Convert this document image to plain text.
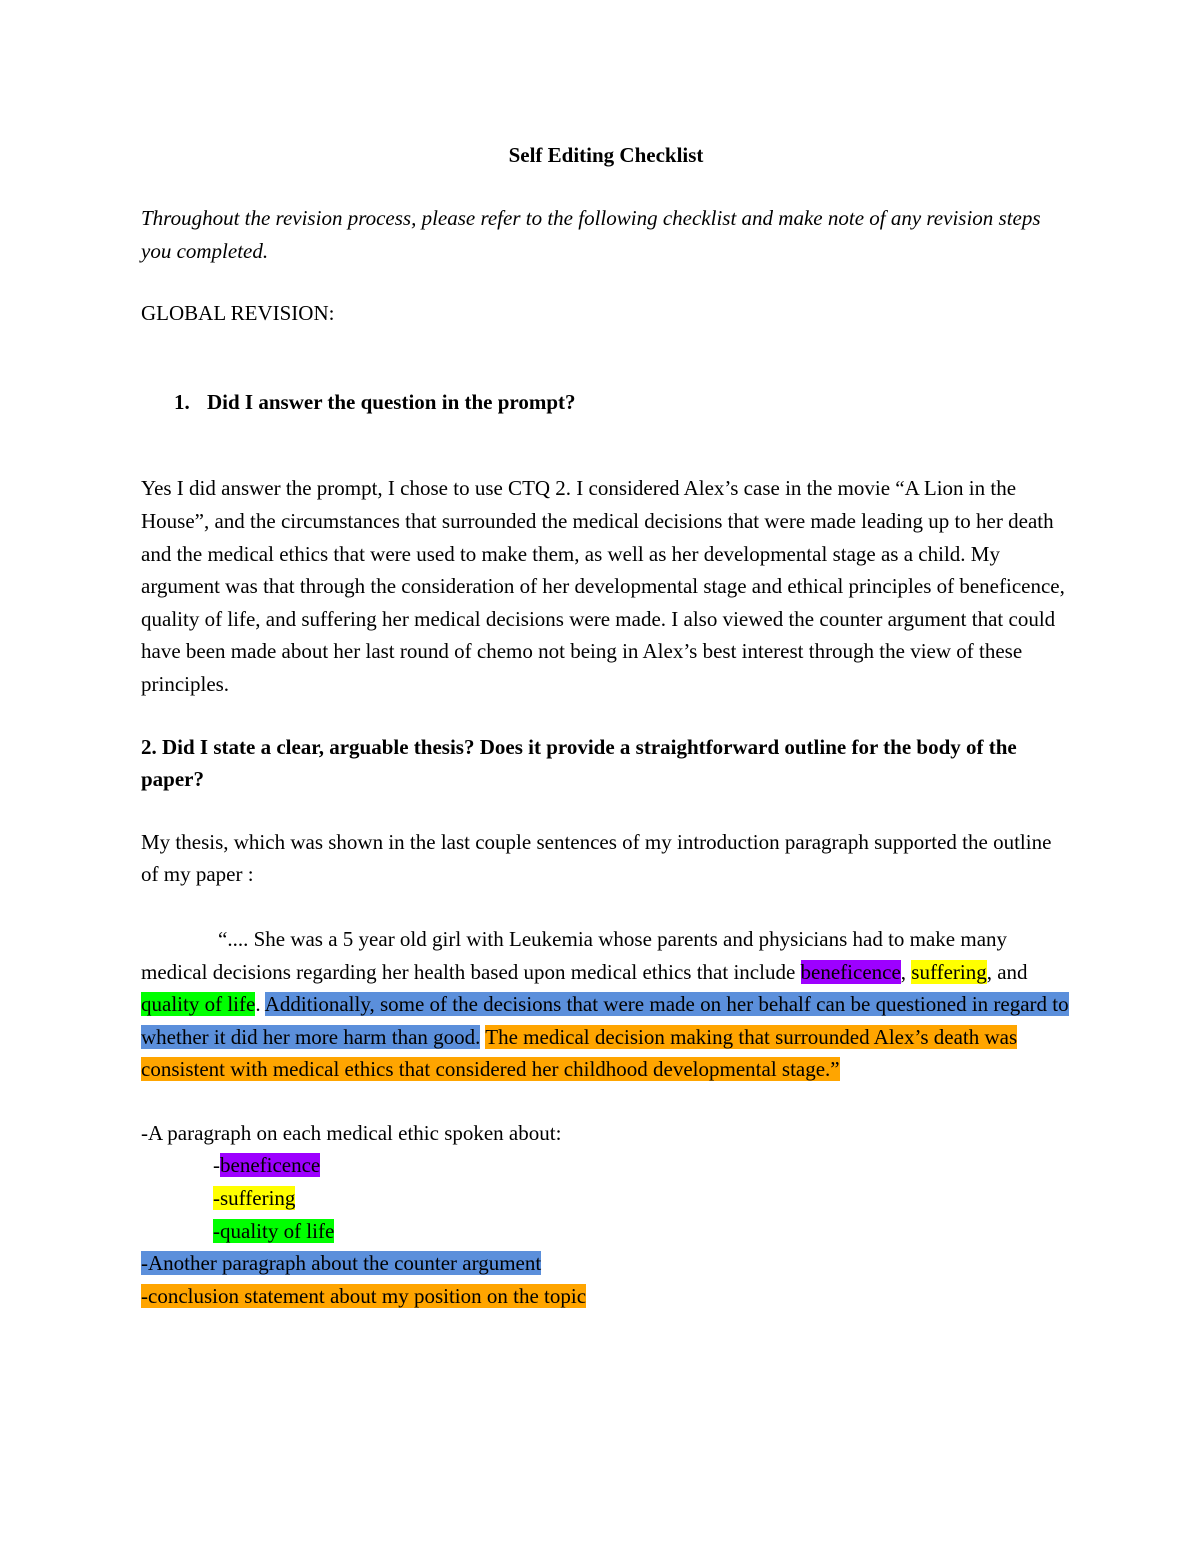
Self Editing Checklist

Throughout the revision process, please refer to the following checklist and make note of any revision steps you completed.

GLOBAL REVISION:

1. Did I answer the question in the prompt?

Yes I did answer the prompt, I chose to use CTQ 2. I considered Alex’s case in the movie “A Lion in the House”, and the circumstances that surrounded the medical decisions that were made leading up to her death and the medical ethics that were used to make them, as well as her developmental stage as a child. My argument was that through the consideration of her developmental stage and ethical principles of beneficence, quality of life, and suffering her medical decisions were made. I also viewed the counter argument that could have been made about her last round of chemo not being in Alex’s best interest through the view of these principles.

2. Did I state a clear, arguable thesis? Does it provide a straightforward outline for the body of the paper?

My thesis, which was shown in the last couple sentences of my introduction paragraph supported the outline of my paper :

“.... She was a 5 year old girl with Leukemia whose parents and physicians had to make many medical decisions regarding her health based upon medical ethics that include beneficence, suffering, and quality of life. Additionally, some of the decisions that were made on her behalf can be questioned in regard to whether it did her more harm than good. The medical decision making that surrounded Alex’s death was consistent with medical ethics that considered her childhood developmental stage.”

-A paragraph on each medical ethic spoken about:

-beneficence

-suffering

-quality of life

-Another paragraph about the counter argument

-conclusion statement about my position on the topic
